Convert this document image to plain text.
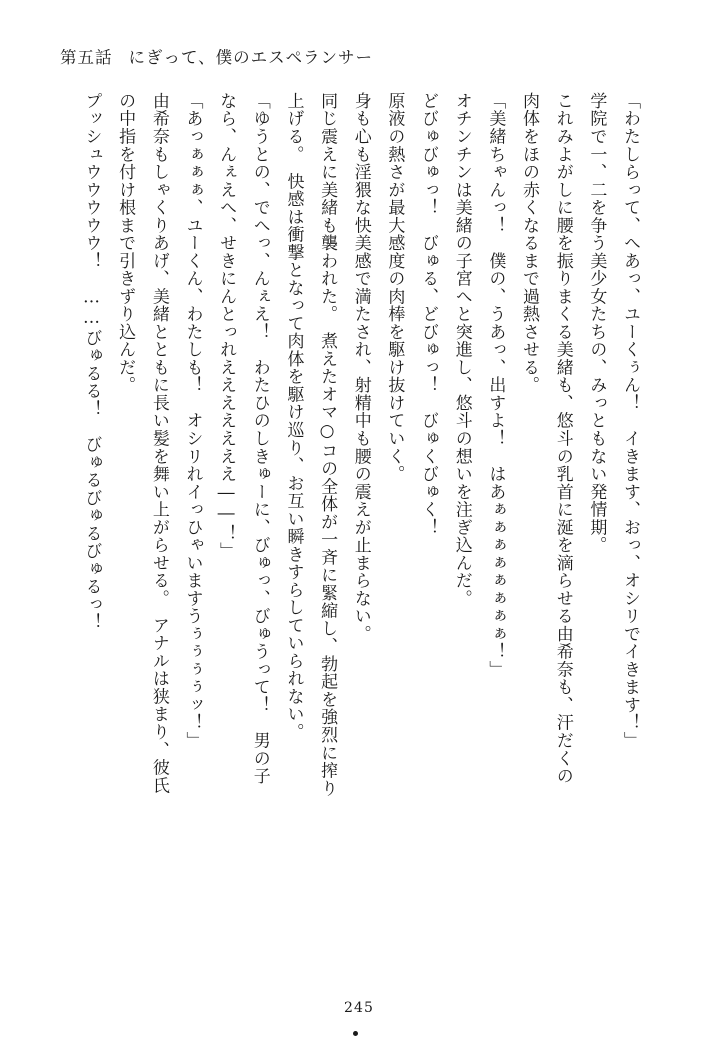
第五話 にぎって、僕のエスペランサー

「わたしらって、へあっ、ユーくぅん！　イきます、おっ、オシリでイきます！」

学院で一、二を争う美少女たちの、みっともない発情期。

これみよがしに腰を振りまくる美緒も、悠斗の乳首に涎を滴らせる由希奈も、汗だくの

肉体をほの赤くなるまで過熱させる。

「美緒ちゃんっ！　僕の、うあっ、出すよ！　はあぁぁぁぁぁぁぁぁ！」

オチンチンは美緒の子宮へと突進し、悠斗の想いを注ぎ込んだ。

どびゅびゅっ！　びゅる、どびゅっ！　びゅくびゅく！

原液の熱さが最大感度の肉棒を駆け抜けていく。

身も心も淫猥な快美感で満たされ、射精中も腰の震えが止まらない。

同じ震えに美緒も襲われた。　煮えたオマ○コの全体が一斉に緊縮し、勃起を強烈に搾り

上げる。　快感は衝撃となって肉体を駆け巡り、お互い瞬きすらしていられない。

「ゆうとの、でへっ、んぇえ！　わたひのしきゅーに、びゅっ、びゅうって！　男の子

なら、んぇえへ、せきにんとっれえええええええ――！」

「あっぁぁぁ、ユーくん、わたしも！　オシリれイっひゃいますうぅぅぅぅッ！」

由希奈もしゃくりあげ、美緒とともに長い髪を舞い上がらせる。　アナルは狭まり、彼氏

の中指を付け根まで引きずり込んだ。

プッシュウウウウウ！　……びゅるる！　びゅるびゅるびゅるっ！

245
